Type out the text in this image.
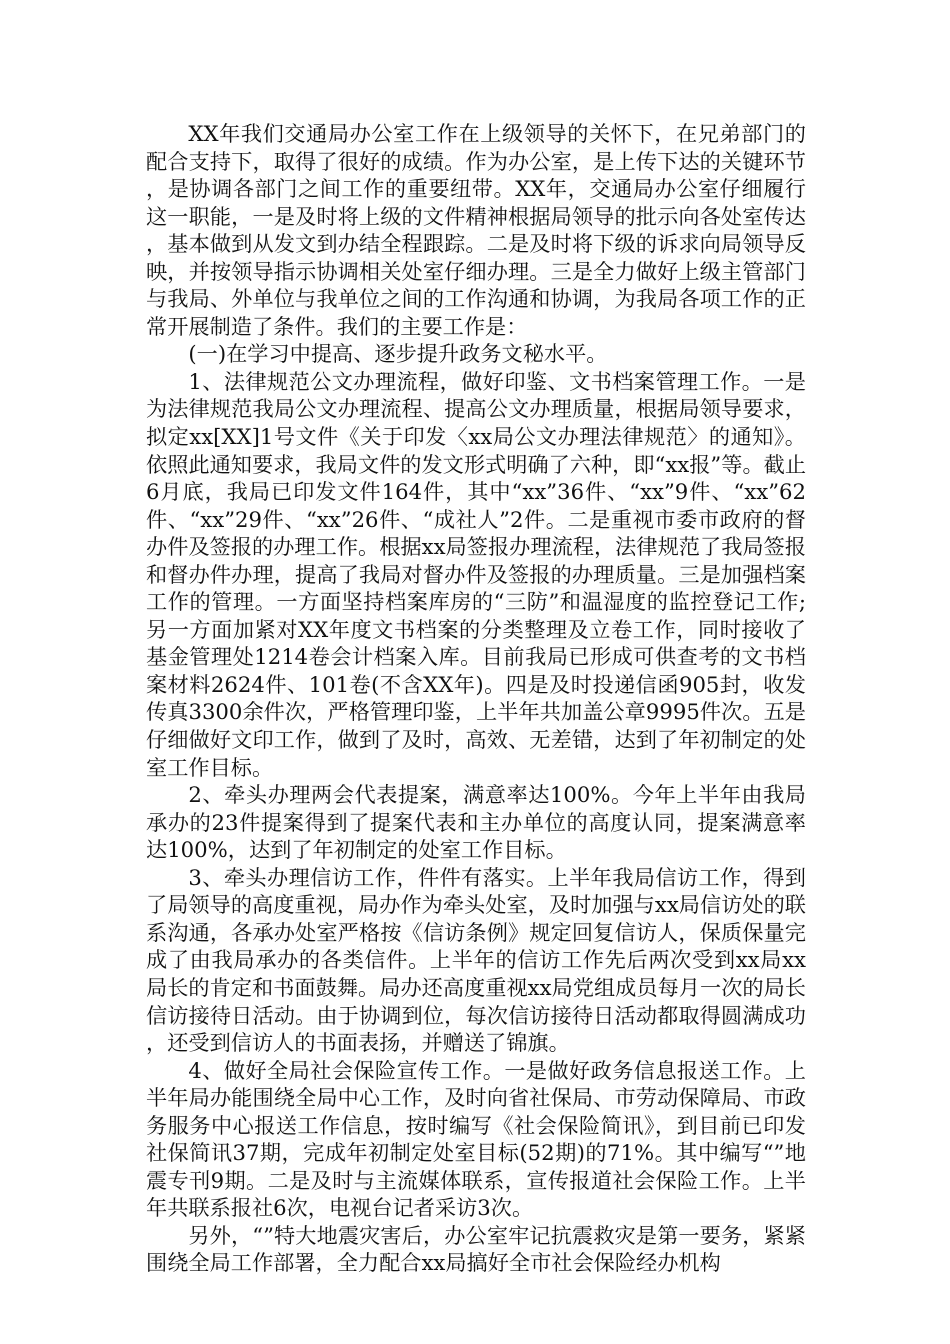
XX年我们交通局办公室工作在上级领导的关怀下，在兄弟部门的配合支持下，取得了很好的成绩。作为办公室，是上传下达的关键环节，是协调各部门之间工作的重要纽带。XX年，交通局办公室仔细履行这一职能，一是及时将上级的文件精神根据局领导的批示向各处室传达，基本做到从发文到办结全程跟踪。二是及时将下级的诉求向局领导反映，并按领导指示协调相关处室仔细办理。三是全力做好上级主管部门与我局、外单位与我单位之间的工作沟通和协调，为我局各项工作的正常开展制造了条件。我们的主要工作是：

(一)在学习中提高、逐步提升政务文秘水平。

1、法律规范公文办理流程，做好印鉴、文书档案管理工作。一是为法律规范我局公文办理流程、提高公文办理质量，根据局领导要求，拟定xx[XX]1号文件《关于印发〈xx局公文办理法律规范〉的通知》。依照此通知要求，我局文件的发文形式明确了六种，即“xx报”等。截止6月底，我局已印发文件164件，其中“xx”36件、“xx”9件、“xx”62件、“xx”29件、“xx”26件、“成社人”2件。二是重视市委市政府的督办件及签报的办理工作。根据xx局签报办理流程，法律规范了我局签报和督办件办理，提高了我局对督办件及签报的办理质量。三是加强档案工作的管理。一方面坚持档案库房的“三防”和温湿度的监控登记工作;另一方面加紧对XX年度文书档案的分类整理及立卷工作，同时接收了基金管理处1214卷会计档案入库。目前我局已形成可供查考的文书档案材料2624件、101卷(不含XX年)。四是及时投递信函905封，收发传真3300余件次，严格管理印鉴，上半年共加盖公章9995件次。五是仔细做好文印工作，做到了及时，高效、无差错，达到了年初制定的处室工作目标。

2、牵头办理两会代表提案，满意率达100%。今年上半年由我局承办的23件提案得到了提案代表和主办单位的高度认同，提案满意率达100%，达到了年初制定的处室工作目标。

3、牵头办理信访工作，件件有落实。上半年我局信访工作，得到了局领导的高度重视，局办作为牵头处室，及时加强与xx局信访处的联系沟通，各承办处室严格按《信访条例》规定回复信访人，保质保量完成了由我局承办的各类信件。上半年的信访工作先后两次受到xx局xx局长的肯定和书面鼓舞。局办还高度重视xx局党组成员每月一次的局长信访接待日活动。由于协调到位，每次信访接待日活动都取得圆满成功，还受到信访人的书面表扬，并赠送了锦旗。

4、做好全局社会保险宣传工作。一是做好政务信息报送工作。上半年局办能围绕全局中心工作，及时向省社保局、市劳动保障局、市政务服务中心报送工作信息，按时编写《社会保险简讯》，到目前已印发社保简讯37期，完成年初制定处室目标(52期)的71%。其中编写“”地震专刊9期。二是及时与主流媒体联系，宣传报道社会保险工作。上半年共联系报社6次，电视台记者采访3次。

另外，“”特大地震灾害后，办公室牢记抗震救灾是第一要务，紧紧围绕全局工作部署，全力配合xx局搞好全市社会保险经办机构
